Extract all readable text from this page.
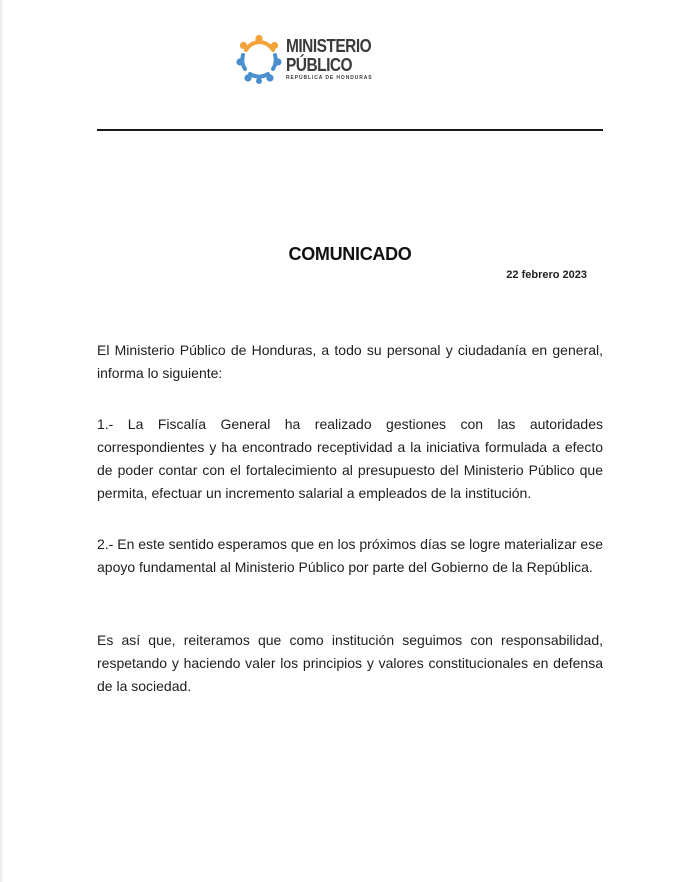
MINISTERIO
PÚBLICO
REPÚBLICA DE HONDURAS
COMUNICADO
22 febrero 2023

El Ministerio Público de Honduras, a todo su personal y ciudadanía en general, informa lo siguiente:

1.- La Fiscalía General ha realizado gestiones con las autoridades correspondientes y ha encontrado receptividad a la iniciativa formulada a efecto de poder contar con el fortalecimiento al presupuesto del Ministerio Público que permita, efectuar un incremento salarial a empleados de la institución.

2.- En este sentido esperamos que en los próximos días se logre materializar ese apoyo fundamental al Ministerio Público por parte del Gobierno de la República.

Es así que, reiteramos que como institución seguimos con responsabilidad, respetando y haciendo valer los principios y valores constitucionales en defensa de la sociedad.
